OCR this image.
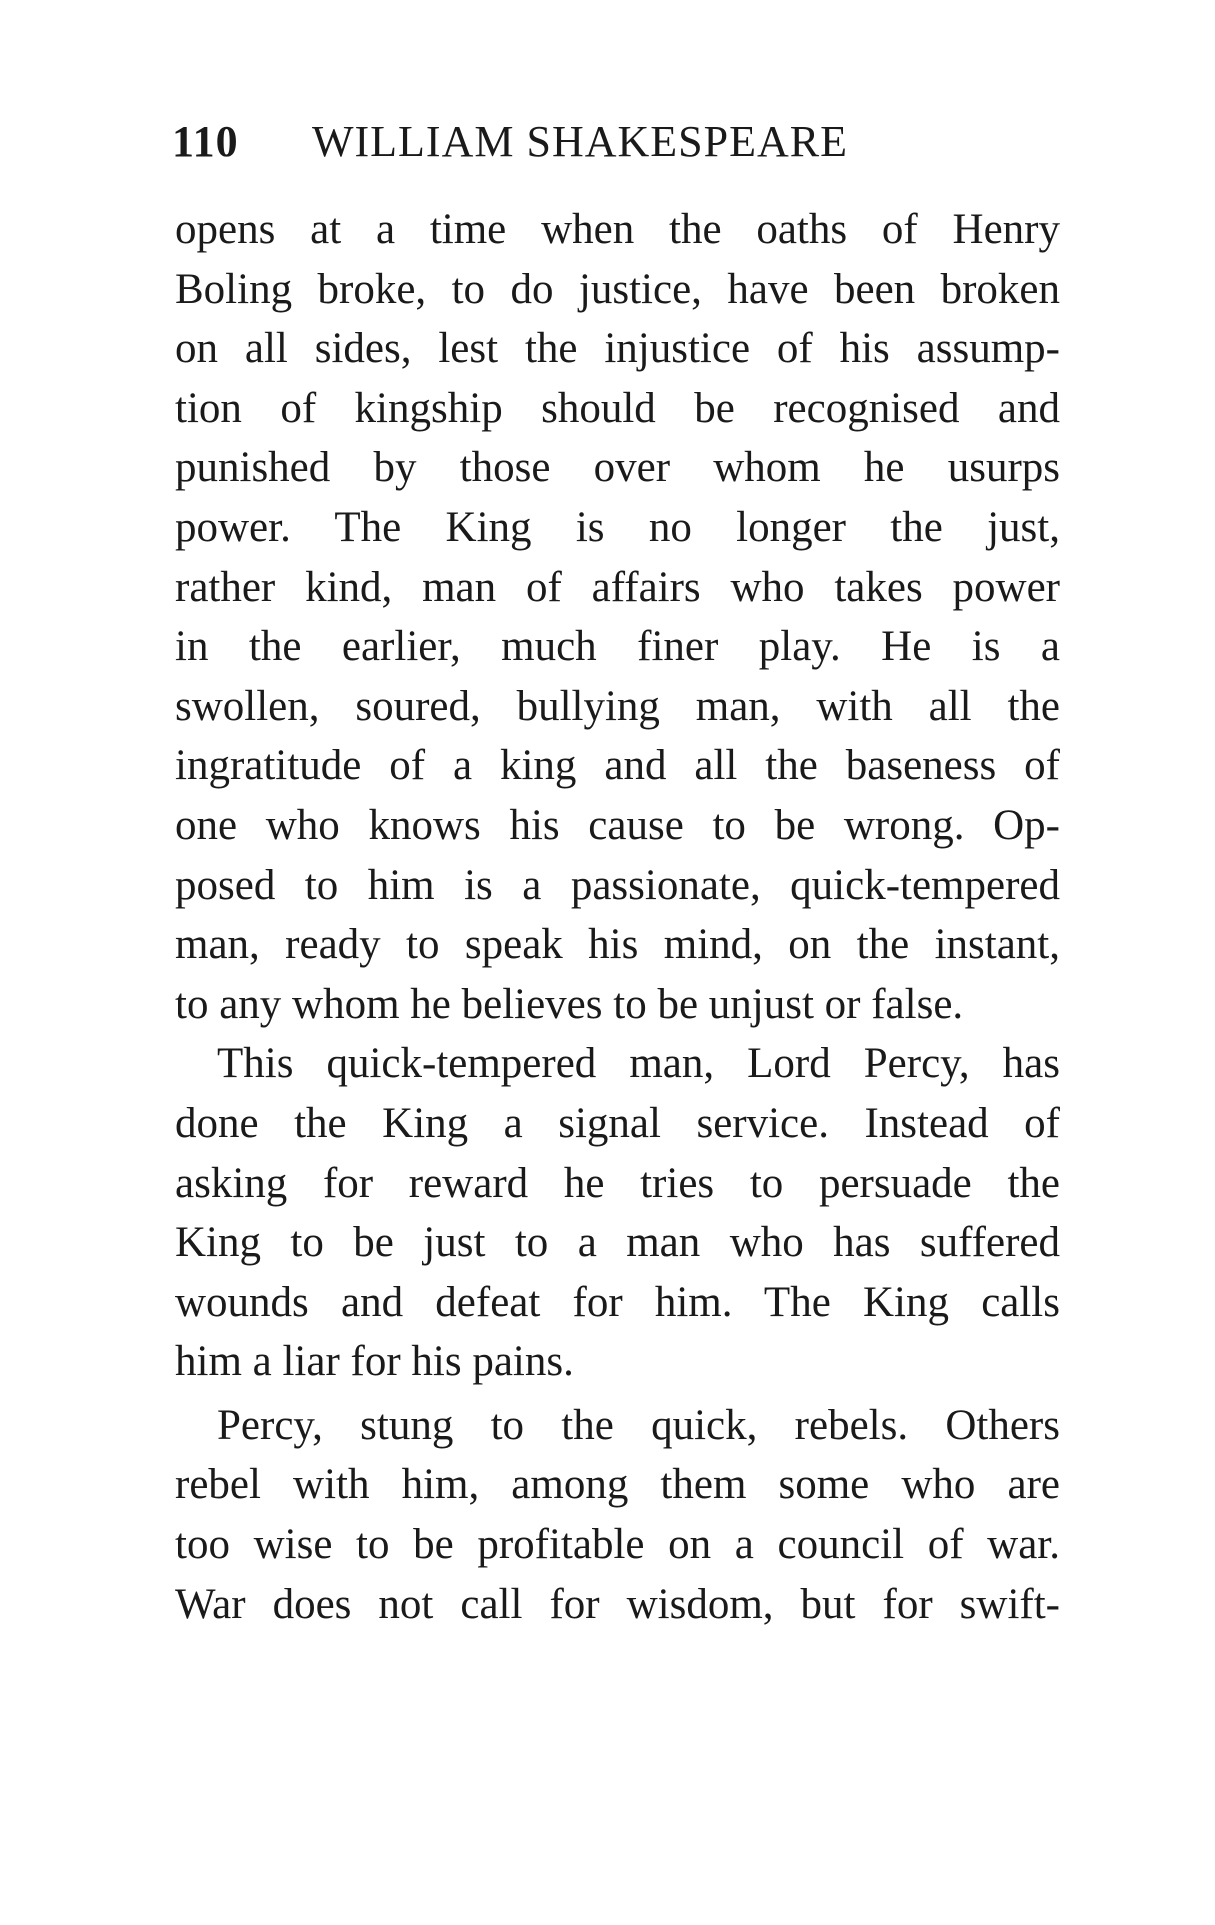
110 WILLIAM SHAKESPEARE
opens at a time when the oaths of Henry
Boling broke, to do justice, have been broken
on all sides, lest the injustice of his assump-
tion of kingship should be recognised and
punished by those over whom he usurps
power. The King is no longer the just,
rather kind, man of affairs who takes power
in the earlier, much finer play. He is a
swollen, soured, bullying man, with all the
ingratitude of a king and all the baseness of
one who knows his cause to be wrong. Op-
posed to him is a passionate, quick-tempered
man, ready to speak his mind, on the instant,
to any whom he believes to be unjust or false.
This quick-tempered man, Lord Percy, has
done the King a signal service. Instead of
asking for reward he tries to persuade the
King to be just to a man who has suffered
wounds and defeat for him. The King calls
him a liar for his pains.
Percy, stung to the quick, rebels. Others
rebel with him, among them some who are
too wise to be profitable on a council of war.
War does not call for wisdom, but for swift-
